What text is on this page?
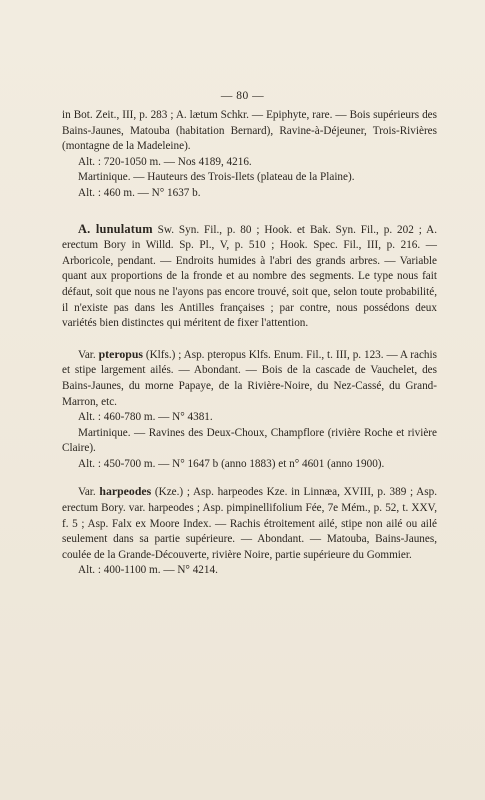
— 80 —

in Bot. Zeit., III, p. 283 ; A. lætum Schkr. — Epiphyte, rare. — Bois supérieurs des Bains-Jaunes, Matouba (habitation Bernard), Ravine-à-Déjeuner, Trois-Rivières (montagne de la Madeleine).

Alt. : 720-1050 m. — Nos 4189, 4216.

Martinique. — Hauteurs des Trois-Ilets (plateau de la Plaine).

Alt. : 460 m. — N° 1637 b.

A. lunulatum Sw. Syn. Fil., p. 80 ; Hook. et Bak. Syn. Fil., p. 202 ; A. erectum Bory in Willd. Sp. Pl., V, p. 510 ; Hook. Spec. Fil., III, p. 216. — Arboricole, pendant. — Endroits humides à l'abri des grands arbres. — Variable quant aux proportions de la fronde et au nombre des segments. Le type nous fait défaut, soit que nous ne l'ayons pas encore trouvé, soit que, selon toute probabilité, il n'existe pas dans les Antilles françaises ; par contre, nous possédons deux variétés bien distinctes qui méritent de fixer l'attention.

Var. pteropus (Klfs.) ; Asp. pteropus Klfs. Enum. Fil., t. III, p. 123. — A rachis et stipe largement ailés. — Abondant. — Bois de la cascade de Vauchelet, des Bains-Jaunes, du morne Papaye, de la Rivière-Noire, du Nez-Cassé, du Grand-Marron, etc.

Alt. : 460-780 m. — N° 4381.

Martinique. — Ravines des Deux-Choux, Champflore (rivière Roche et rivière Claire).

Alt. : 450-700 m. — N° 1647 b (anno 1883) et n° 4601 (anno 1900).

Var. harpeodes (Kze.) ; Asp. harpeodes Kze. in Linnæa, XVIII, p. 389 ; Asp. erectum Bory. var. harpeodes ; Asp. pimpinellifolium Fée, 7e Mém., p. 52, t. XXV, f. 5 ; Asp. Falx ex Moore Index. — Rachis étroitement ailé, stipe non ailé ou ailé seulement dans sa partie supérieure. — Abondant. — Matouba, Bains-Jaunes, coulée de la Grande-Découverte, rivière Noire, partie supérieure du Gommier.

Alt. : 400-1100 m. — N° 4214.
